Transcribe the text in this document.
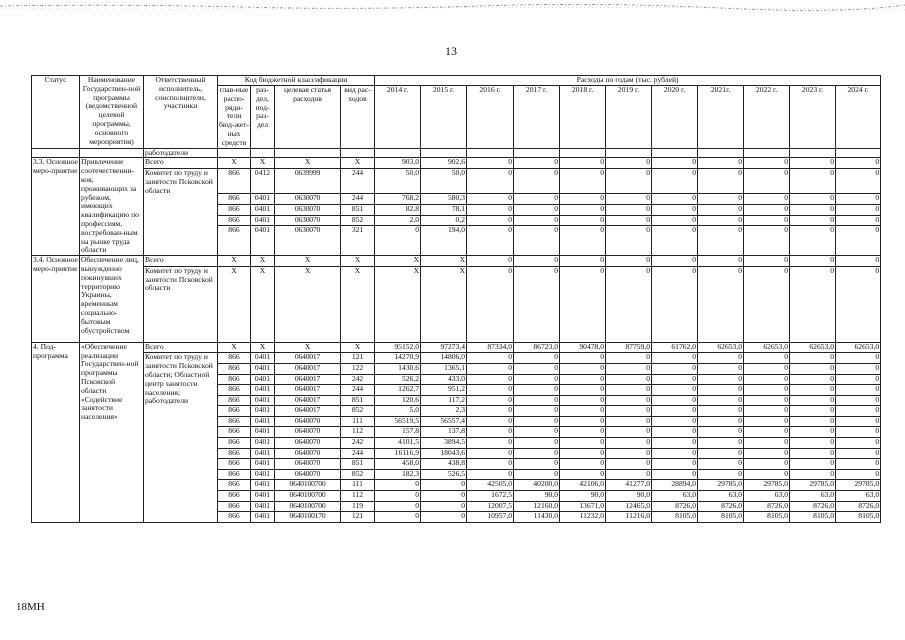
13
Статус	Наименование Государствен-ной программы (ведомственной целевой программы, основного мероприятия)	Ответственный исполнитель, соисполнители, участники	Код бюджетной классификации				Расходы по годам (тыс. рублей)										
			глав-ные распо-ряди-тели бюд-жет-ных средств	раз-дел, под-раз-дел	целевая статья расходов	вид рас-ходов	2014 г.	2015 г.	2016 г.	2017 г.	2018 г.	2019 г.	2020 г.	2021г.	2022 г.	2023 г.	2024 г.
		работодатели															
3.3. Основное меро-приятие	Привлечение соотечественни-ков, проживающих за рубежом, имеющих квалификацию по профессиям, востребован-ным на рынке труда области	Всего	X	X	X	X	903,0	902,6	0	0	0	0	0	0	0	0	0
		Комитет по труду и занятости Псковской области	866	0412	0639999	244	50,0	50,0	0	0	0	0	0	0	0	0	0
			866	0401	0630070	244	768,2	580,3	0	0	0	0	0	0	0	0	0
			866	0401	0630070	851	82,8	78,1	0	0	0	0	0	0	0	0	0
			866	0401	0630070	852	2,0	0,2	0	0	0	0	0	0	0	0	0
			866	0401	0630070	321	0	194,0	0	0	0	0	0	0	0	0	0
3.4. Основное меро-приятие	Обеспечение лиц, вынужденно покинувших территорию Украины, временным социально-бытовым обустройством	Всего	X	X	X	X	X	X	0	0	0	0	0	0	0	0	0
		Комитет по труду и занятости Псковской области	X	X	X	X	X	X	0	0	0	0	0	0	0	0	0
4. Под-программа	«Обеспечение реализации Государствен-ной программы Псковской области «Содействие занятости населения»	Всего	X	X	X	X	95152,0	97273,4	87334,0	86723,0	90478,0	87759,0	61762,0	62653,0	62653,0	62653,0	62653,0
		Комитет по труду и занятости Псковской области; Областной центр занятости населения; работодатели	866	0401	0640017	121	14270,9	14806,0	0	0	0	0	0	0	0	0	0
			866	0401	0640017	122	1430,6	1365,1	0	0	0	0	0	0	0	0	0
			866	0401	0640017	242	526,2	433,0	0	0	0	0	0	0	0	0	0
			866	0401	0640017	244	1262,7	951,2	0	0	0	0	0	0	0	0	0
			866	0401	0640017	851	120,6	117,2	0	0	0	0	0	0	0	0	0
			866	0401	0640017	852	5,0	2,3	0	0	0	0	0	0	0	0	0
			866	0401	0640070	111	56519,5	56557,4	0	0	0	0	0	0	0	0	0
			866	0401	0640070	112	157,8	137,8	0	0	0	0	0	0	0	0	0
			866	0401	0640070	242	4101,5	3894,5	0	0	0	0	0	0	0	0	0
			866	0401	0640070	244	16116,9	18043,6	0	0	0	0	0	0	0	0	0
			866	0401	0640070	851	458,0	438,8	0	0	0	0	0	0	0	0	0
			866	0401	0640070	852	182,3	526,5	0	0	0	0	0	0	0	0	0
			866	0401	0640100700	111	0	0	42505,0	40200,0	42106,0	41277,0	28894,0	29785,0	29785,0	29785,0	29785,0
			866	0401	0640100700	112	0	0	1672,5	90,0	90,0	90,0	63,0	63,0	63,0	63,0	63,0
			866	0401	0640100700	119	0	0	12007,5	12160,0	13671,0	12465,0	8726,0	8726,0	8726,0	8726,0	8726,0
			866	0401	0640100170	121	0	0	10957,0	11430,0	11232,0	11216,0	8105,0	8105,0	8105,0	8105,0	8105,0
18МН
